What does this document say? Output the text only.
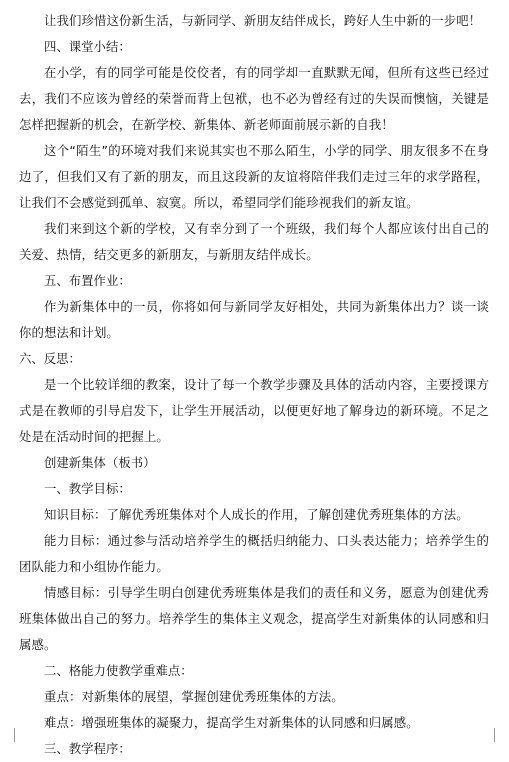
让我们珍惜这份新生活，与新同学、新朋友结伴成长，跨好人生中新的一步吧！

四、课堂小结：

在小学，有的同学可能是佼佼者，有的同学却一直默默无闻，但所有这些已经过去，我们不应该为曾经的荣誉而背上包袱，也不必为曾经有过的失误而懊恼，关键是怎样把握新的机会，在新学校、新集体、新老师面前展示新的自我！

这个“陌生”的环境对我们来说其实也不那么陌生，小学的同学、朋友很多不在身边了，但我们又有了新的朋友，而且这段新的友谊将陪伴我们走过三年的求学路程，让我们不会感觉到孤单、寂寞。所以，希望同学们能珍视我们的新友谊。

我们来到这个新的学校，又有幸分到了一个班级，我们每个人都应该付出自己的关爱、热情，结交更多的新朋友，与新朋友结伴成长。

五、布置作业：

作为新集体中的一员，你将如何与新同学友好相处，共同为新集体出力？谈一谈你的想法和计划。

六、反思：

是一个比较详细的教案，设计了每一个教学步骤及具体的活动内容，主要授课方式是在教师的引导启发下，让学生开展活动，以便更好地了解身边的新环境。不足之处是在活动时间的把握上。

创建新集体（板书）

一、教学目标：

知识目标：了解优秀班集体对个人成长的作用，了解创建优秀班集体的方法。

能力目标：通过参与活动培养学生的概括归纳能力、口头表达能力；培养学生的团队能力和小组协作能力。

情感目标：引导学生明白创建优秀班集体是我们的责任和义务，愿意为创建优秀班集体做出自己的努力。培养学生的集体主义观念，提高学生对新集体的认同感和归属感。

二、格能力使教学重难点：

重点：对新集体的展望，掌握创建优秀班集体的方法。

难点：增强班集体的凝聚力，提高学生对新集体的认同感和归属感。

三、教学程序：
